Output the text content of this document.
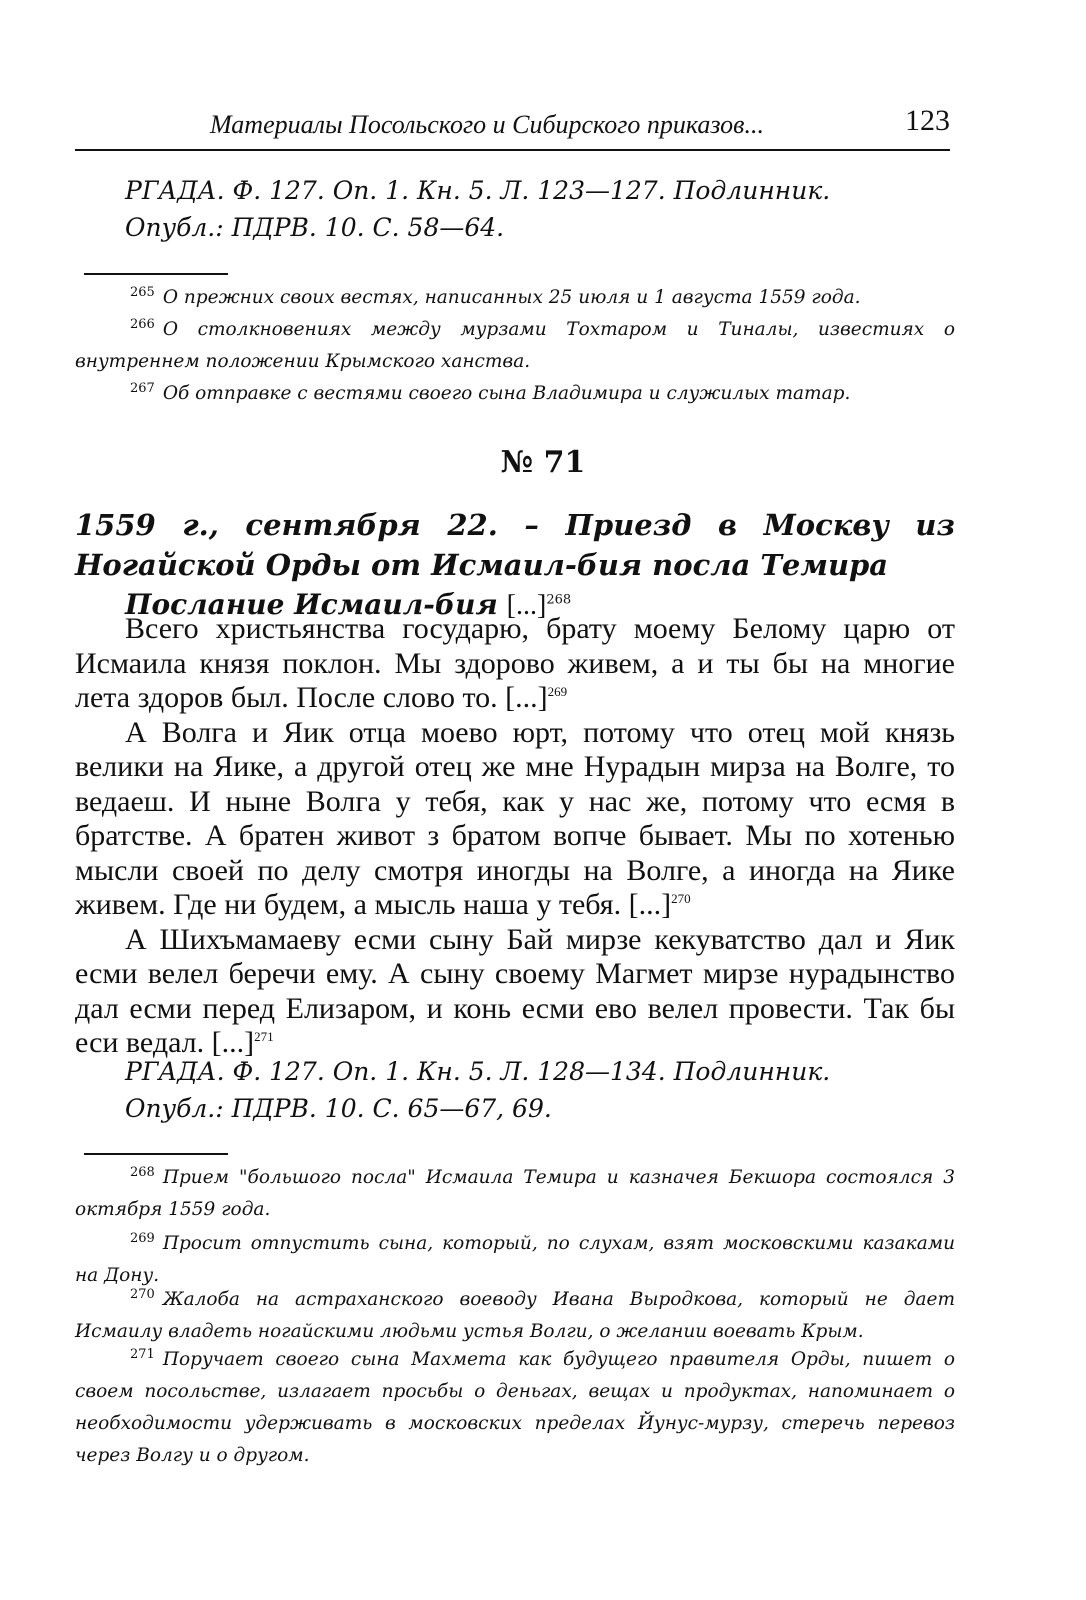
Материалы Посольского и Сибирского приказов...	123
РГАДА. Ф. 127. Оп. 1. Кн. 5. Л. 123—127. Подлинник.
Опубл.: ПДРВ. 10. С. 58—64.
$^{265}$ О прежних своих вестях, написанных 25 июля и 1 августа 1559 года.
$^{266}$ О столкновениях между мурзами Тохтаром и Тиналы, известиях о внутреннем положении Крымского ханства.
$^{267}$ Об отправке с вестями своего сына Владимира и служилых татар.
№ 71
1559 г., сентября 22. – Приезд в Москву из Ногайской Орды от Исмаил-бия посла Темира
Послание Исмаил-бия [...]$^{268}$

Всего христьянства государю, брату моему Белому царю от Исмаила князя поклон. Мы здорово живем, а и ты бы на многие лета здоров был. После слово то. [...]$^{269}$

А Волга и Яик отца моево юрт, потому что отец мой князь велики на Яике, а другой отец же мне Нурадын мирза на Волге, то ведаеш. И ныне Волга у тебя, как у нас же, потому что есмя в братстве. А братен живот з братом вопче бывает. Мы по хотенью мысли своей по делу смотря иногды на Волге, а иногда на Яике живем. Где ни будем, а мысль наша у тебя. [...]$^{270}$

А Шихъмамаеву есми сыну Бай мирзе кекуватство дал и Яик есми велел беречи ему. А сыну своему Магмет мирзе нурадынство дал есми перед Елизаром, и конь есми ево велел провести. Так бы еси ведал. [...]$^{271}$

РГАДА. Ф. 127. Оп. 1. Кн. 5. Л. 128—134. Подлинник.
Опубл.: ПДРВ. 10. С. 65—67, 69.
$^{268}$ Прием "большого посла" Исмаила Темира и казначея Бекшора состоялся 3 октября 1559 года.
$^{269}$ Просит отпустить сына, который, по слухам, взят московскими казаками на Дону.
$^{270}$ Жалоба на астраханского воеводу Ивана Выродкова, который не дает Исмаилу владеть ногайскими людьми устья Волги, о желании воевать Крым.
$^{271}$ Поручает своего сына Махмета как будущего правителя Орды, пишет о своем посольстве, излагает просьбы о деньгах, вещах и продуктах, напоминает о необходимости удерживать в московских пределах Йунус-мурзу, стеречь перевоз через Волгу и о другом.
